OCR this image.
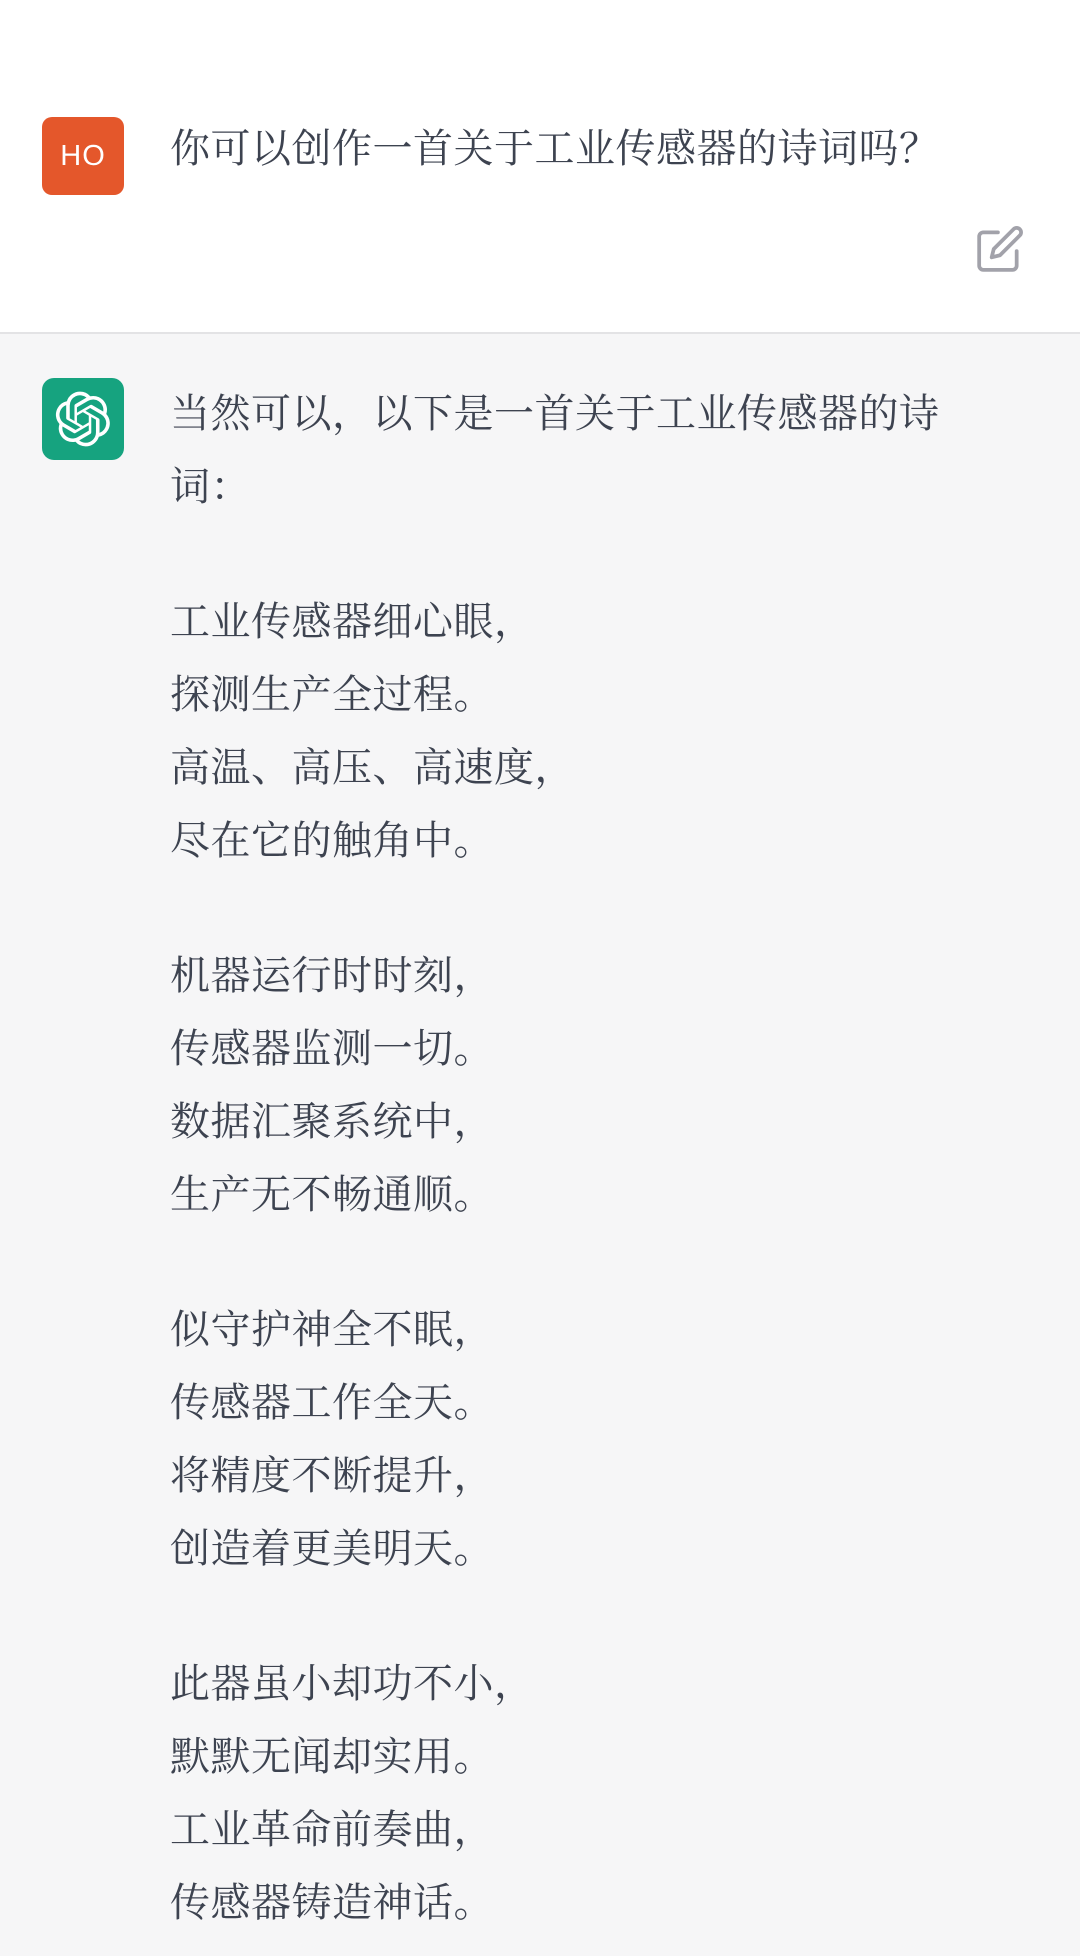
HO 你可以创作一首关于工业传感器的诗词吗？

当然可以，以下是一首关于工业传感器的诗
词：

工业传感器细心眼，
探测生产全过程。
高温、高压、高速度，
尽在它的触角中。

机器运行时时刻，
传感器监测一切。
数据汇聚系统中，
生产无不畅通顺。

似守护神全不眠，
传感器工作全天。
将精度不断提升，
创造着更美明天。

此器虽小却功不小，
默默无闻却实用。
工业革命前奏曲，
传感器铸造神话。
